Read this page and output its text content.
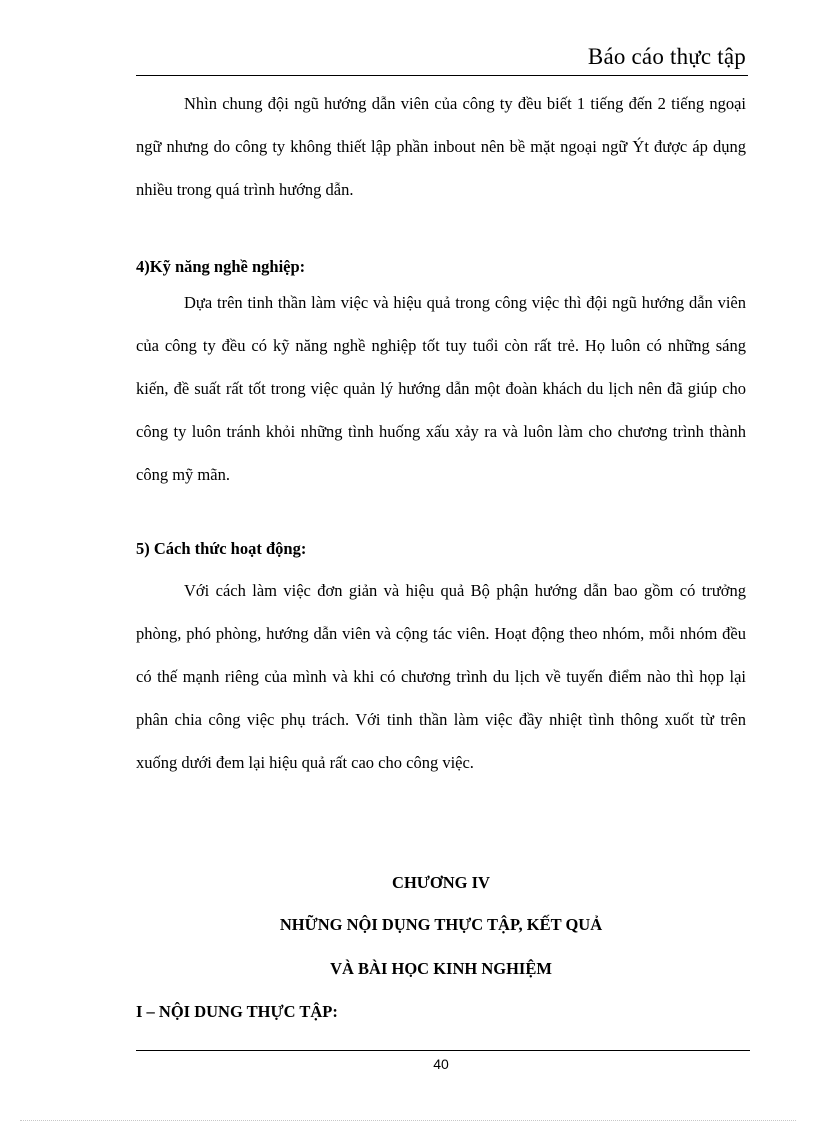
Báo cáo thực tập

Nhìn chung đội ngũ hướng dẫn viên của công ty đều biết 1 tiếng đến 2 tiếng ngoại ngữ nhưng do công ty không thiết lập phần inbout nên bề mặt ngoại ngữ Ýt được áp dụng nhiều trong quá trình hướng dẫn.

4)Kỹ năng nghề nghiệp:

Dựa trên tinh thần làm việc và hiệu quả trong công việc thì đội ngũ hướng dẫn viên của công ty đều có kỹ năng nghề nghiệp tốt tuy tuổi còn rất trẻ. Họ luôn có những sáng kiến, đề suất rất tốt trong việc quản lý hướng dẫn một đoàn khách du lịch nên đã giúp cho công ty luôn tránh khỏi những tình huống xấu xảy ra và luôn làm cho chương trình thành công mỹ mãn.

5) Cách thức hoạt động:

Với cách làm việc đơn giản và hiệu quả Bộ phận hướng dẫn bao gồm có trưởng phòng, phó phòng, hướng dẫn viên và cộng tác viên. Hoạt động theo nhóm, mỗi nhóm đều có thế mạnh riêng của mình và khi có chương trình du lịch về tuyến điểm nào thì họp lại phân chia công việc phụ trách. Với tinh thần làm việc đầy nhiệt tình thông xuốt từ trên xuống dưới đem lại hiệu quả rất cao cho công việc.

CHƯƠNG IV

NHỮNG NỘI DỤNG THỰC TẬP, KẾT QUẢ

VÀ BÀI HỌC KINH NGHIỆM

I – NỘI DUNG THỰC TẬP:

40
